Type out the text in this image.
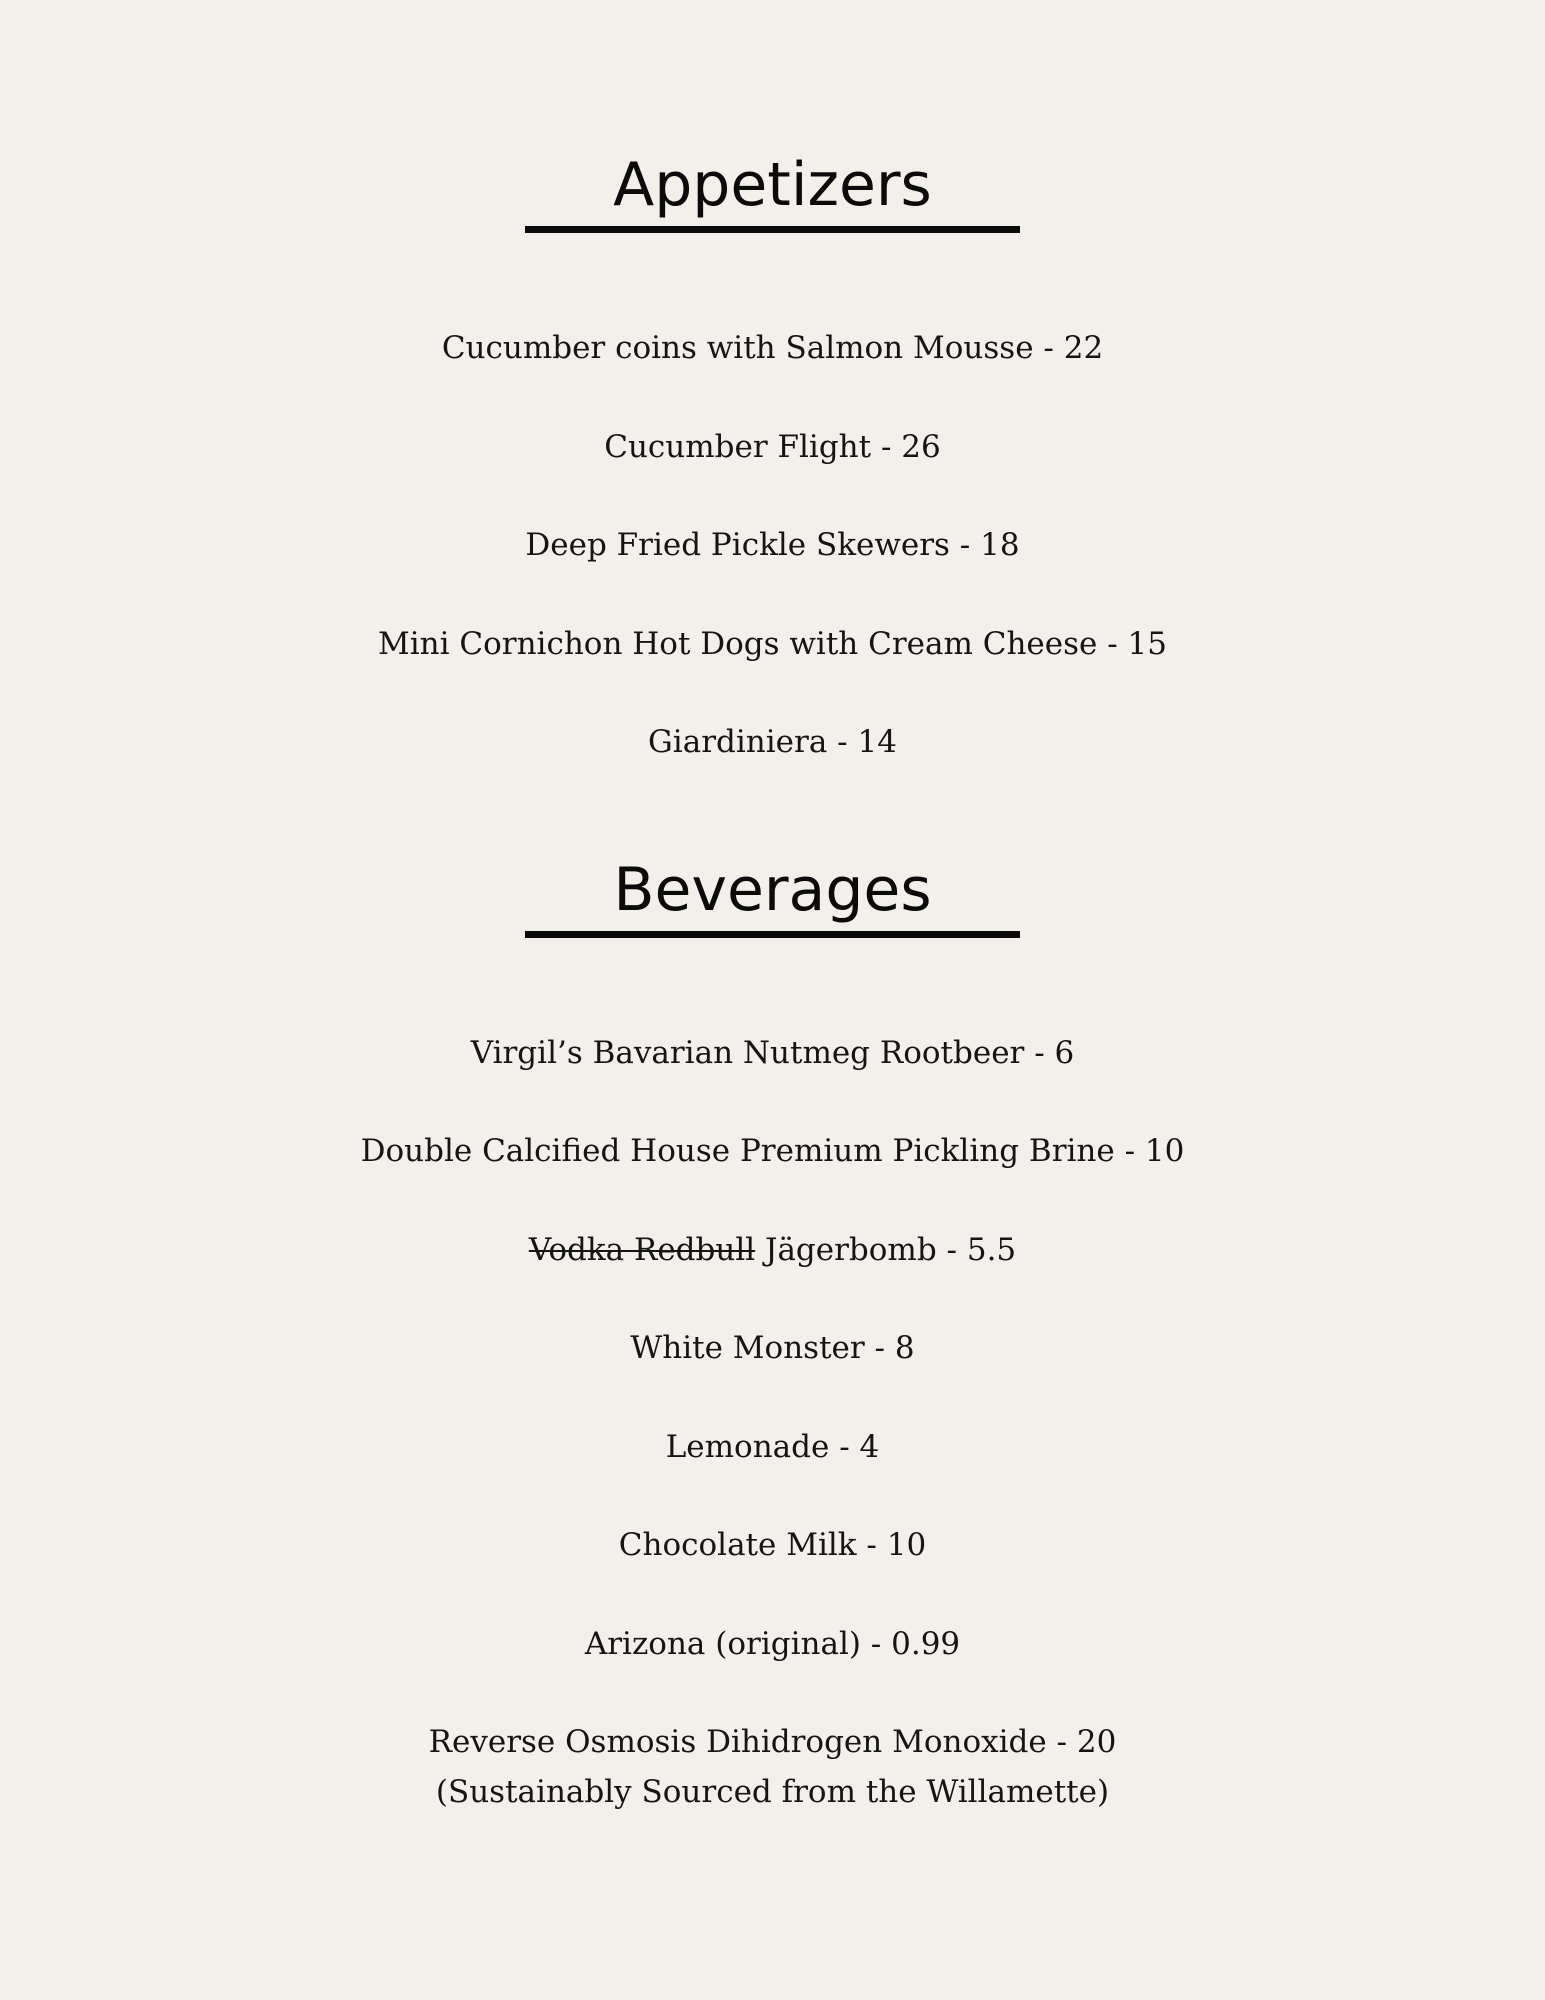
Appetizers

Cucumber coins with Salmon Mousse - 22

Cucumber Flight - 26

Deep Fried Pickle Skewers - 18

Mini Cornichon Hot Dogs with Cream Cheese - 15

Giardiniera - 14

Beverages

Virgil’s Bavarian Nutmeg Rootbeer - 6

Double Calcified House Premium Pickling Brine - 10

Vodka Redbull Jägerbomb - 5.5

White Monster - 8

Lemonade - 4

Chocolate Milk - 10

Arizona (original) - 0.99

Reverse Osmosis Dihidrogen Monoxide - 20

(Sustainably Sourced from the Willamette)
